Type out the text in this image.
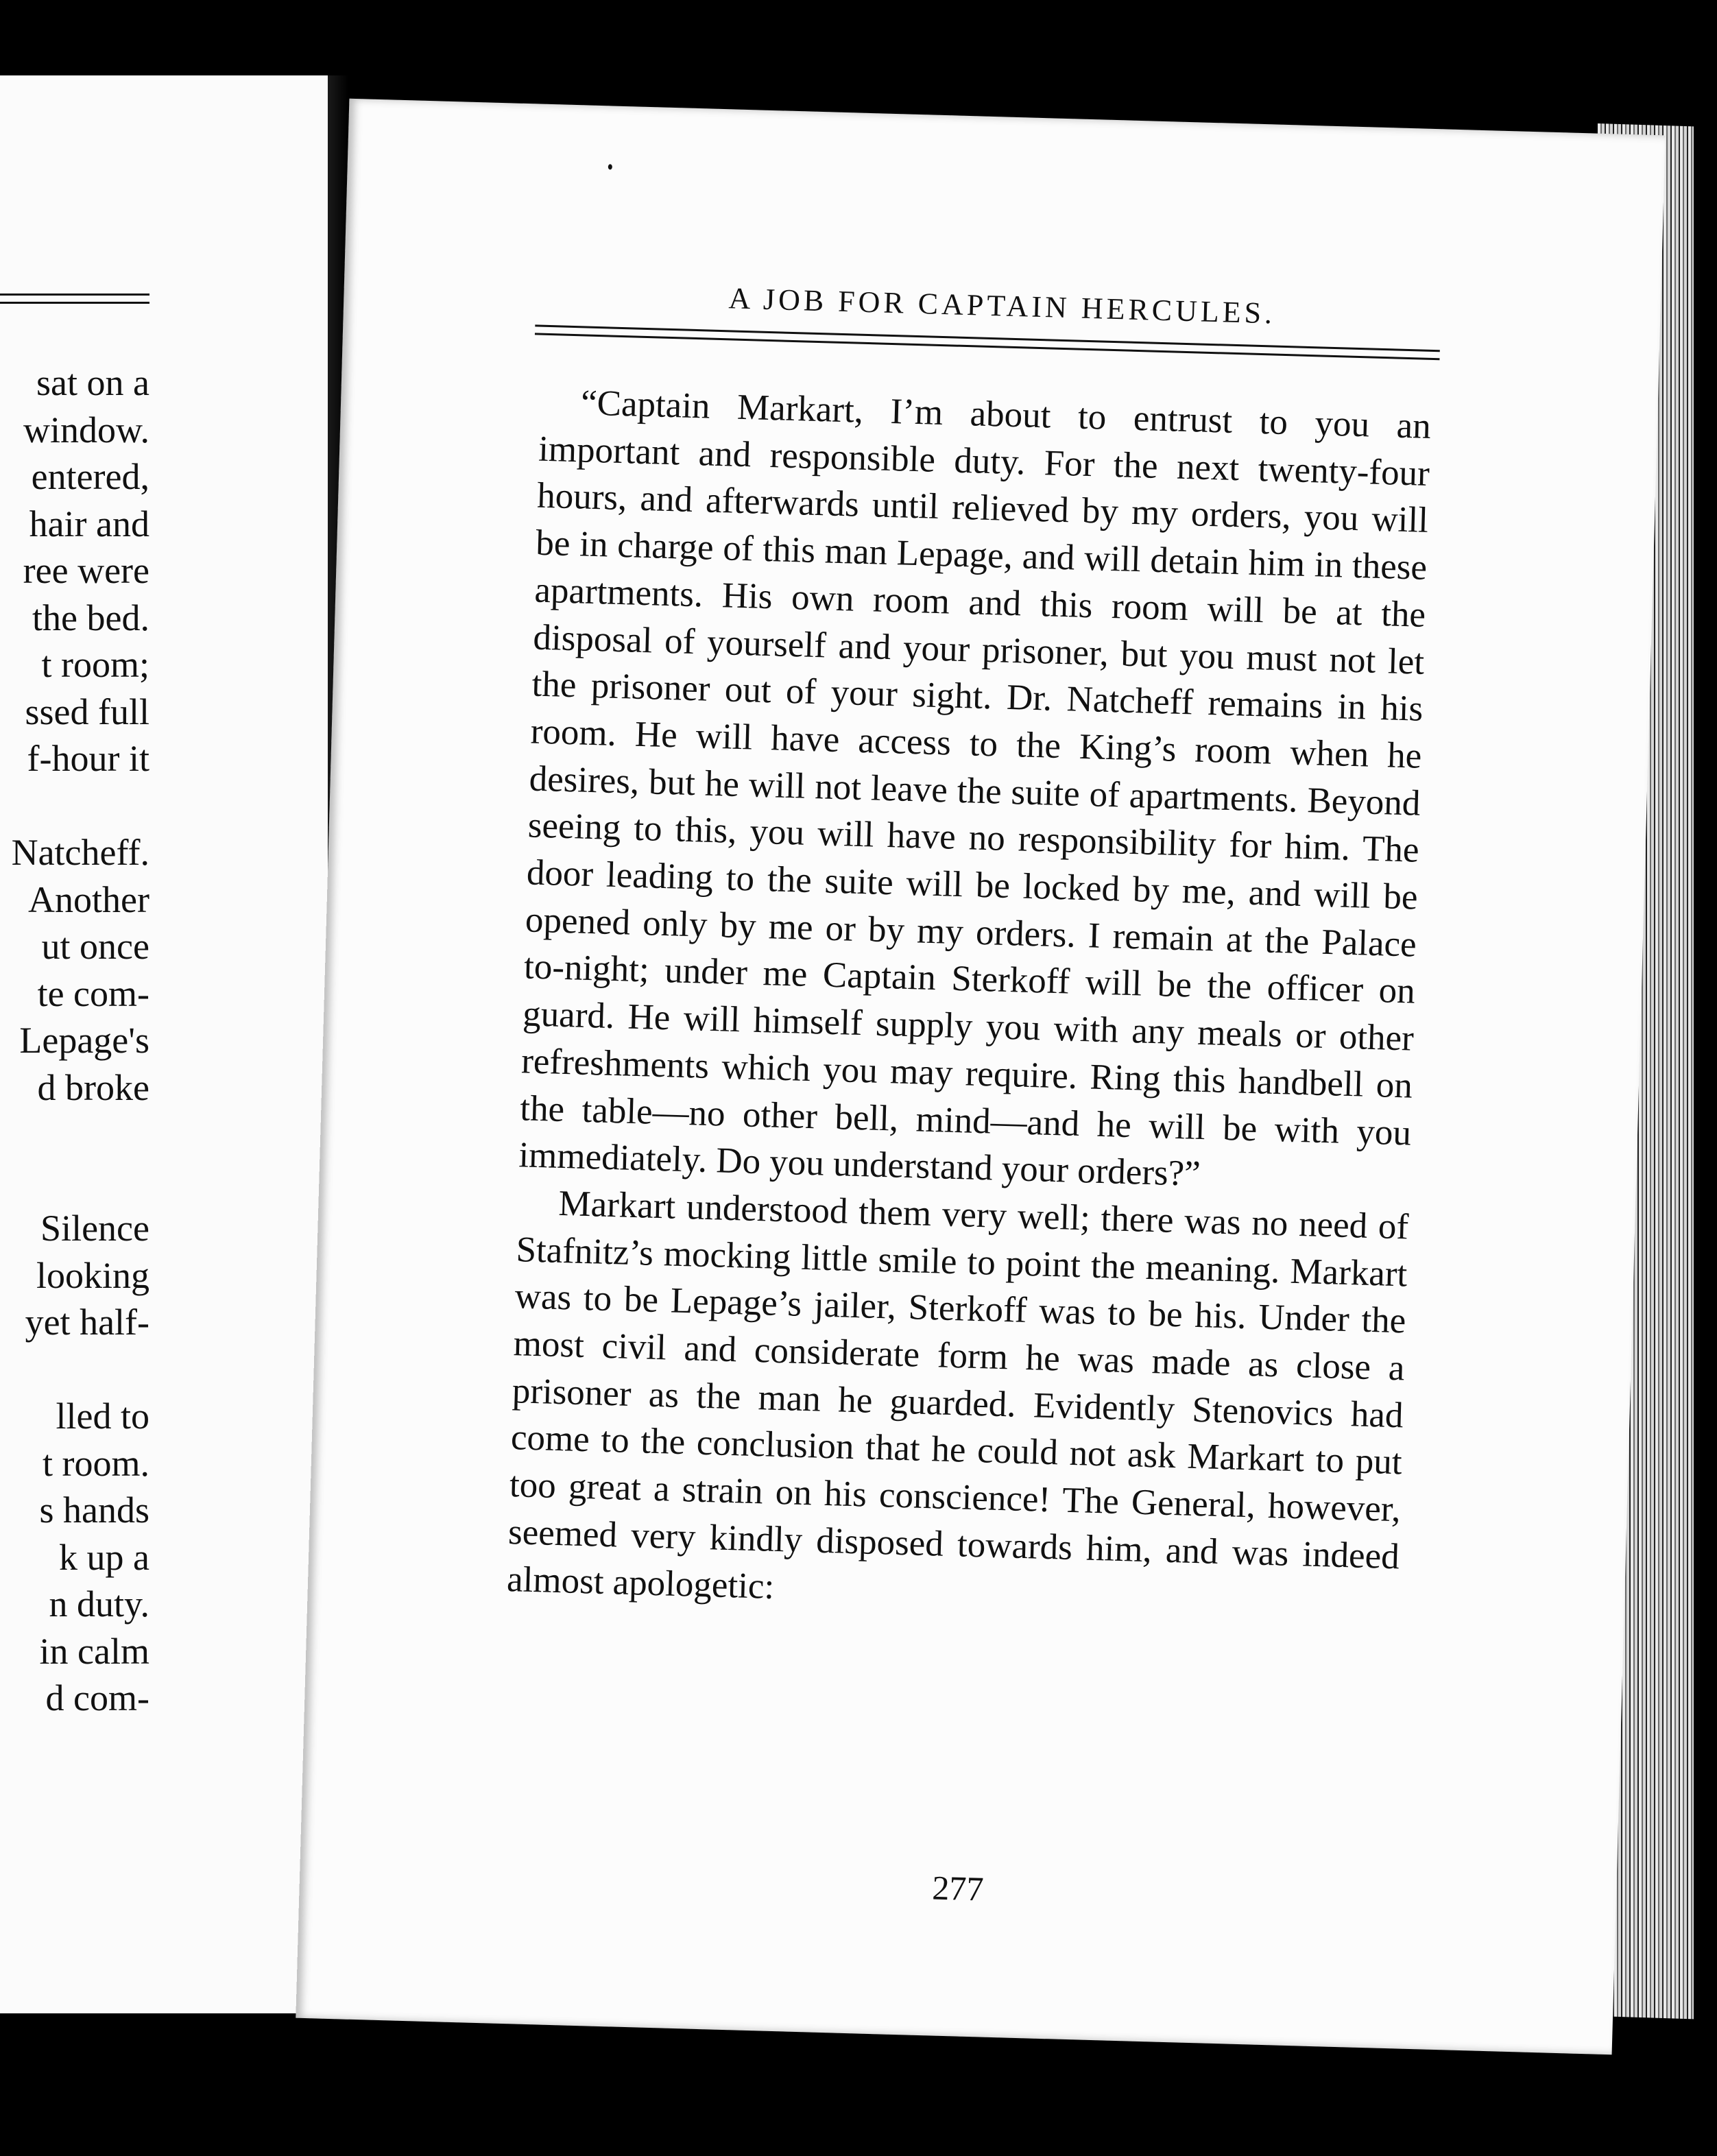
sat on a
window.
entered,
hair and
ree were
the bed.
t room;
ssed full
f-hour it
Natcheff.
Another
ut once
te com-
Lepage's
d broke
Silence
looking
yet half-
lled to
t room.
s hands
k up a
n duty.
in calm
d com-
A JOB FOR CAPTAIN HERCULES.

“Captain Markart, I’m about to entrust to you an important and responsible duty. For the next twenty-four hours, and afterwards until relieved by my orders, you will be in charge of this man Lepage, and will detain him in these apartments. His own room and this room will be at the disposal of yourself and your prisoner, but you must not let the prisoner out of your sight. Dr. Natcheff remains in his room. He will have access to the King’s room when he desires, but he will not leave the suite of apartments. Beyond seeing to this, you will have no responsibility for him. The door leading to the suite will be locked by me, and will be opened only by me or by my orders. I remain at the Palace to-night; under me Captain Sterkoff will be the officer on guard. He will himself supply you with any meals or other refreshments which you may require. Ring this handbell on the table—no other bell, mind—and he will be with you immediately. Do you understand your orders?”

Markart understood them very well; there was no need of Stafnitz’s mocking little smile to point the meaning. Markart was to be Lepage’s jailer, Sterkoff was to be his. Under the most civil and considerate form he was made as close a prisoner as the man he guarded. Evidently Stenovics had come to the conclusion that he could not ask Markart to put too great a strain on his conscience! The General, however, seemed very kindly disposed towards him, and was indeed almost apologetic:

277
